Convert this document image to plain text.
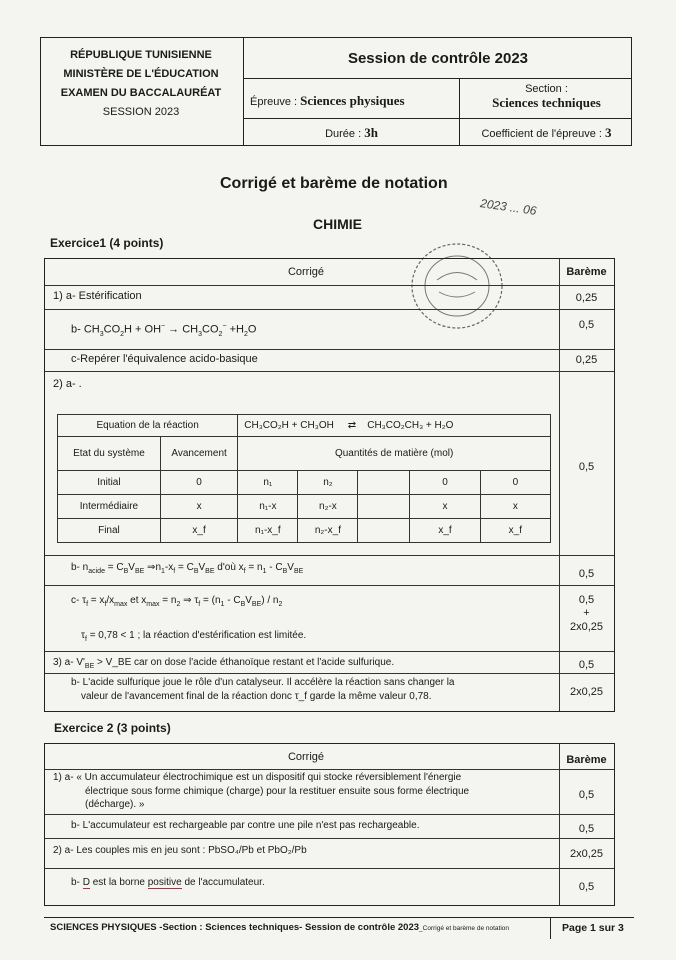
RÉPUBLIQUE TUNISIENNE
MINISTÈRE DE L'ÉDUCATION
EXAMEN DU BACCALAURÉAT
SESSION 2023
Session de contrôle 2023
Épreuve : Sciences physiques
Section :
Sciences techniques
Durée : 3h	Coefficient de l'épreuve : 3
Corrigé et barème de notation
2023 ... 06
CHIMIE
Exercice1 (4 points)
Corrigé	Barème
1) a- Estérification	0,25
b- $CH_3CO_2H + OH^- \to CH_3CO_2^- +H_2O$	0,5
c-Repérer l'équivalence acido-basique	0,25
2) a- .
0,5
Equation de la réaction		CH₃CO₂H + CH₃OH ⇄ CH₃CO₂CH₃ + H₂O				
Etat du système	Avancement	Quantités de matière (mol)				
Initial	0	n₁	n₂		0	0
Intermédiaire	x	n₁-x	n₂-x		x	x
Final	x_f	n₁-x_f	n₂-x_f		x_f	x_f
b- $n_{acide} = C_BV_{BE}$ $\Rightarrow n_1-x_f = C_BV_{BE}$ d'où $x_f = n_1 - C_BV_{BE}$	0,5
c- $\tau_f = x_f/x_{max}$ et $x_{max} = n_2$ ⇒ $\tau_f = (n_1 - C_BV_{BE}) / n_2$
$\tau_f = 0,78 < 1$ ; la réaction d'estérification est limitée.
0,5
+
2x0,25
3) a- $V'_{BE}$ > V_BE car on dose l'acide éthanoïque restant et l'acide sulfurique.	0,5
b- L'acide sulfurique joue le rôle d'un catalyseur. Il accélère la réaction sans changer la
valeur de l'avancement final de la réaction donc τ_f garde la même valeur 0,78.	2x0,25
Exercice 2 (3 points)
Corrigé	Barème
1) a- « Un accumulateur électrochimique est un dispositif qui stocke réversiblement l'énergie
électrique sous forme chimique (charge) pour la restituer ensuite sous forme électrique
(décharge). »
0,5
b- L'accumulateur est rechargeable par contre une pile n'est pas rechargeable.	0,5
2) a- Les couples mis en jeu sont : PbSO₄/Pb et PbO₂/Pb	2x0,25
b- D est la borne positive de l'accumulateur.	0,5
SCIENCES PHYSIQUES -Section : Sciences techniques- Session de contrôle 2023_Corrigé et barème de notation	Page 1 sur 3
